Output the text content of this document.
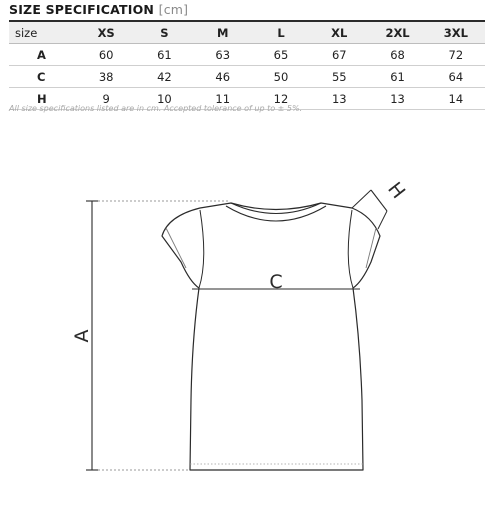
SIZE SPECIFICATION [cm]
size	XS	S	M	L	XL	2XL	3XL
A	60	61	63	65	67	68	72
C	38	42	46	50	55	61	64
H	9	10	11	12	13	13	14
All size specifications listed are in cm. Accepted tolerance of up to ± 5%.
A
C
H
